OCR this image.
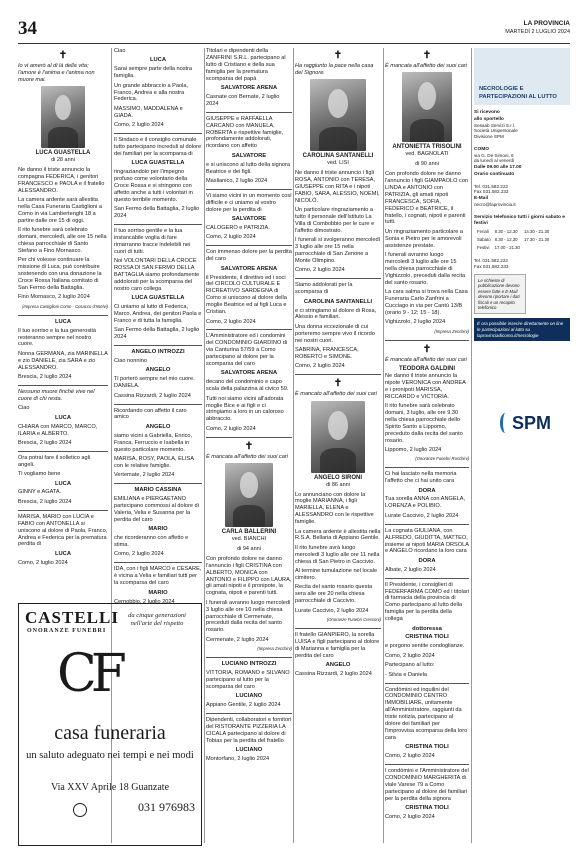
34	LA PROVINCIA
MARTEDÌ 2 LUGLIO 2024
✝

Io vi amerò al di là della vita; l'amore è l'anima e l'anima non muore mai.

LUCA GUASTELLA
di 28 anni

Ne danno il triste annuncio la compagna FEDERICA, i genitori FRANCESCO e PAOLA e il fratello ALESSANDRO.

La camera ardente sarà allestita nella Casa Funeraria Castiglioni a Como in via Lambertenghi 18 a partire dalle ore 15 di oggi.

Il rito funebre sarà celebrato domani, mercoledì, alle ore 15 nella chiesa parrocchiale di Santo Stefano a Fino Mornasco.

Per chi volesse continuare la missione di Luca, può contribuire sostenendo con una donazione la Croce Rossa Italiana comitato di San Fermo della Battaglia.

Fino Mornasco, 2 luglio 2024

(Impresa Castiglioni Como - Cosacco d'Intelvi)
LUCA

Il tuo sorriso e la tua generosità resteranno sempre nel nostro cuore.

Nonna GERMANA, zia MARINELLA e zio DANIELE, zia SARA e zio ALESSANDRO.

Brescia, 2 luglio 2024

Nessuno muore finché vive nel cuore di chi resta.

Ciao

LUCA

CHIARA con MARCO, MARCO, ILARIA e ALBERTO.

Brescia, 2 luglio 2024

Ora potrai fare il solletico agli angeli.

Ti vogliamo bene

LUCA

GINNY e AGATA.

Brescia, 2 luglio 2024

MARISA, MARIO con LUCIA e FABIO con ANTONELLA si uniscono al dolore di Paola, Franco, Andrea e Federica per la prematura perdita di

LUCA

Como, 2 luglio 2024

CASTELLI
ONORANZE FUNEBRI
da cinque generazioni nell'arte del rispetto
CF
casa funeraria
un saluto adeguato nei tempi e nei modi
Via XXV Aprile 18 Guanzate
031 976983

Ciao

LUCA

Sarai sempre parte della nostra famiglia.

Un grande abbraccio a Paola, Franco, Andrea e alla nostra Federica.

MASSIMO, MADDALENA e GIADA.

Como, 2 luglio 2024

Il Sindaco e il consiglio comunale tutto partecipano increduli al dolore dei familiari per la scomparsa di

LUCA GUASTELLA

ringraziandolo per l'impegno profuso come volontario della Croce Rossa e si stringono con affetto anche a tutti i volontari in questo terribile momento.

San Fermo della Battaglia, 2 luglio 2024

Il tuo sorriso gentile e la tua instancabile voglia di fare rimarranno tracce indelebili nei cuori di tutti.

Noi VOLONTARI DELLA CROCE ROSSA DI SAN FERMO DELLA BATTAGLIA siamo profondamente addolorati per la scomparsa del nostro caro collega

LUCA GUASTELLA

Ci uniamo al lutto di Federica, Marco, Andrea, dei genitori Paola e Franco e di tutta la famiglia.

San Fermo della Battaglia, 2 luglio 2024

ANGELO INTROZZI

Ciao nonnino

ANGELO

Ti porterò sempre nel mio cuore. DANIELA.

Cassina Rizzardi, 2 luglio 2024

Ricordando con affetto il caro amico

ANGELO

siamo vicini a Gabriella, Enrico, Franca, Ferruccio e Isabella in questo particolare momento.

MARISA, ROSY, PAOLA, ELISA con le relative famiglie.

Vertemate, 2 luglio 2024

MARIO CASSINA

EMILIANA e PIERGAETANO partecipano commossi al dolore di Valeria, Velia e Susanna per la perdita del caro

MARIO

che ricorderanno con affetto e stima.

Como, 2 luglio 2024

IDA, con i figli MARCO e CESARE, è vicina a Velia e familiari tutti per la scomparsa del caro

MARIO

Cernobbio, 2 luglio 2024

Titolari e dipendenti della ZANFRINI S.R.L. partecipano al lutto di Cristiano e della sua famiglia per la prematura scomparsa del papà

SALVATORE ARENA

Casnate con Bernate, 2 luglio 2024

GIUSEPPE e RAFFAELLA CARCANO con MANUELA, ROBERTA e rispettive famiglie, profondamente addolorati, ricordano con affetto

SALVATORE

e si uniscono al lutto della signora Beatrice e dei figli.

Maslianico, 2 luglio 2024

Vi siamo vicini in un momento così difficile e ci uniamo al vostro dolore per la perdita di

SALVATORE

CALOGERO e PATRIZIA.

Como, 2 luglio 2024

Con immenso dolore per la perdita del caro

SALVATORE ARENA

il Presidente, il direttivo ed i soci del CIRCOLO CULTURALE E RICREATIVO SARDEGNA di Como si uniscono al dolore della moglie Beatrice ed ai figli Luca e Cristian.

Como, 2 luglio 2024

L'Amministratore ed i condomini del CONDOMINIO GIARDINO di via Canturina 57/59 a Como partecipano al dolore per la scomparsa del caro

SALVATORE ARENA

decano del condominio e capo scala della palazzina al civico 59.

Tutti noi siamo vicini all'adorata moglie Bice e ai figli e ci stringiamo a loro in un caloroso abbraccio.

Como, 2 luglio 2024

✝

È mancata all'affetto dei suoi cari

CARLA BALLERINI
ved. BIANCHI
di 94 anni

Con profondo dolore ne danno l'annuncio i figli CRISTINA con ALBERTO, MONICA con ANTONIO e FILIPPO con LAURA, gli amati nipoti e il pronipote, la cognata, nipoti e parenti tutti.

I funerali avranno luogo mercoledì 3 luglio alle ore 10 nella chiesa parrocchiale di Cermenate, preceduti dalla recita del santo rosario.

Cermenate, 2 luglio 2024

(Impresa Zecchini)
LUCIANO INTROZZI

VITTORIA, ROMANO e SILVANO partecipano al lutto per la scomparsa del caro

LUCIANO

Appiano Gentile, 2 luglio 2024

Dipendenti, collaboratori e fornitori del RISTORANTE PIZZERIA LA CICALA partecipano al dolore di Tobias per la perdita del fratello

LUCIANO

Montorfano, 2 luglio 2024

✝

Ha raggiunto la pace nella casa del Signore.

CAROLINA SANTANELLI
ved. LISI

Ne danno il triste annuncio i figli ROSA, ANTONIO con TERESA, GIUSEPPE con RITA e i nipoti FABIO, SARA, ALESSIO, NOEMI, NICOLÒ.

Un particolare ringraziamento a tutto il personale dell'Istituto La Villa di Combobbio per le cure e l'affetto dimostrato.

I funerali si svolgeranno mercoledì 3 luglio alle ore 15 nella parrocchiale di San Zenone a Monte Olimpino.

Como, 2 luglio 2024

Siamo addolorati per la scomparsa di

CAROLINA SANTANELLI

e ci stringiamo al dolore di Rosa, Alessio e familiari.

Una donna eccezionale di cui porteremo sempre vivo il ricordo nei nostri cuori.

SABRINA, FRANCESCA, ROBERTO e SIMONE.

Como, 2 luglio 2024

✝

È mancato all'affetto dei suoi cari

ANGELO SIRONI
di 86 anni

Lo annunciano con dolore la moglie MARIANNA, i figli MARIELLA, ELENA e ALESSANDRO con le rispettive famiglie.

La camera ardente è allestita nella R.S.A. Bellaria di Appiano Gentile.

Il rito funebre avrà luogo mercoledì 3 luglio alle ore 11 nella chiesa di San Pietro in Caccivio.

Al termine tumulazione nel locale cimitero.

Recita del santo rosario questa sera alle ore 20 nella chiesa parrocchiale di Caccivio.

Lurate Caccivio, 2 luglio 2024

(Onoranze Funebri Cressoni)

Il fratello GIANPIERO, la sorella LUISA e figli partecipano al dolore di Marianna e famiglia per la perdita del caro

ANGELO

Cassina Rizzardi, 2 luglio 2024

✝

È mancata all'affetto dei suoi cari

ANTONIETTA TRISOLINI
ved. BAGNOLATI
di 90 anni

Con profondo dolore ne danno l'annuncio i figli GIAMPAOLO con LINDA e ANTONIO con PATRIZIA, gli amati nipoti FRANCESCA, SOFIA, FEDERICO e BEATRICE, il fratello, i cognati, nipoti e parenti tutti.

Un ringraziamento particolare a Sonia e Pietro per le amorevoli assistenze prestate.

I funerali avranno luogo mercoledì 3 luglio alle ore 15 nella chiesa parrocchiale di Vighizzolo, preceduti dalla recita del santo rosario.

La cara salma si trova nella Casa Funeraria Carlo Zanfrini a Cucciago in via per Cantù 13/B (orario 9 - 12; 15 - 18).

Vighizzolo, 2 luglio 2024

(Impresa Zecchini)
✝

È mancata all'affetto dei suoi cari

TEODORA GALDINI

Ne danno il triste annuncio la nipote VERONICA con ANDREA e i pronipoti MARISSA, RICCARDO e VICTORIA.

Il rito funebre sarà celebrato domani, 3 luglio, alle ore 9.30 nella chiesa parrocchiale dello Spirito Santo a Lippomo, preceduto dalla recita del santo rosario.

Lippomo, 2 luglio 2024

(Onoranze Funebri Roschini)

Ci hai lasciato nella memoria l'affetto che ci hai unito cara

DORA

Tua sorella ANNA con ANGELA, LORENZA e POLIBIO.

Lurate Caccivio, 2 luglio 2024

La cognata GIULIANA, con ALFREDO, GIUDITTA, MATTEO, insieme ai nipoti MARIA ORSOLA e ANGELO ricordano la loro cara

DORA

Albate, 2 luglio 2024

Il Presidente, i consiglieri di FEDERFARMA COMO ed i titolari di farmacia della provincia di Como partecipano al lutto della famiglia per la perdita della collega

dottoressa
CRISTINA TIOLI

e porgono sentite condoglianze.

Como, 2 luglio 2024

Partecipano al lutto:

- Silvia e Daniela

Condòmini ed inquilini del CONDOMINIO CENTRO IMMOBILIARE, unitamente all'Amministratore, raggiunti da triste notizia, partecipano al dolore dei familiari per l'improvvisa scomparsa della loro cara

CRISTINA TIOLI

Como, 2 luglio 2024

I condòmini e l'Amministratore del CONDOMINIO MARGHERITA di viale Varese 79 a Como partecipano al dolore dei familiari per la perdita della signora

CRISTINA TIOLI

Como, 2 luglio 2024

NECROLOGIE E PARTECIPAZIONI AL LUTTO
Si ricevono
allo sportello
Sesaab Servizi S.r.l.
Società Unipersonale
Divisione SPM

COMO
via G. De Simoni, 6
da lunedì al venerdì
Dalle 09.00 alle 17.00
Orario continuato

Tel. 031.582.222
Fax 031.582.233
E-Mail
necro@laprovincia.it

Servizio telefonico tutti i giorni sabato e festivi
Feriali	8.30 - 12.30	14.30 - 21.30
Sabato	8.30 - 12.30	17.30 - 21.30
Festivi	17.00 - 21.30	

Tel. 031.582.222
Fax 031.582.233
Le richieste di pubblicazione devono essere fatte e E-Mail devono riportare i dati fiscali e un recapito telefonico
È ora possibile inserire direttamente on line le partecipazioni al lutto su laprovinciadicomo.it/necrologie
SPM
